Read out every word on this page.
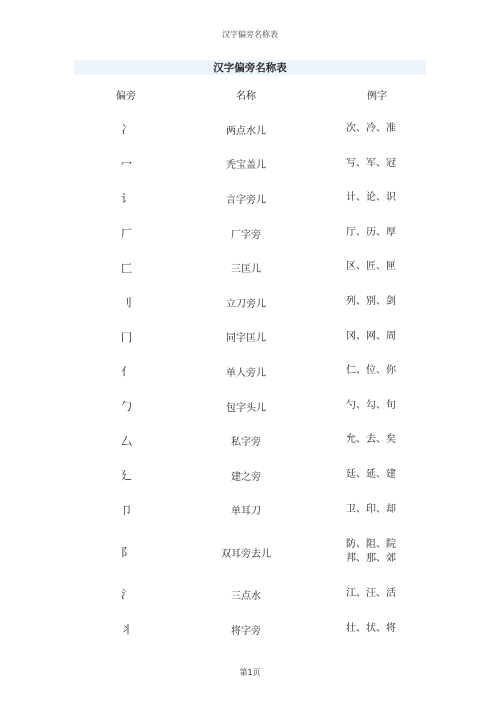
汉字偏旁名称表
汉字偏旁名称表
偏旁	名称	例字
冫	两点水儿	次、冷、准

冖	秃宝盖儿	写、军、冠

讠	言字旁儿	计、论、识

厂	厂字旁	厅、历、厚

匚	三匡儿	区、匠、匣

刂	立刀旁儿	列、别、剑

冂	同字匡儿	冈、网、周

亻	单人旁儿	仁、位、你

勹	包字头儿	勺、勾、旬

厶	私字旁	允、去、矣

廴	建之旁	廷、延、建

卩	单耳刀	卫、印、却

阝	双耳旁去儿	防、阻、院
邦、那、郊

氵	三点水	江、汪、活

丬	将字旁	壮、状、将
第1页
